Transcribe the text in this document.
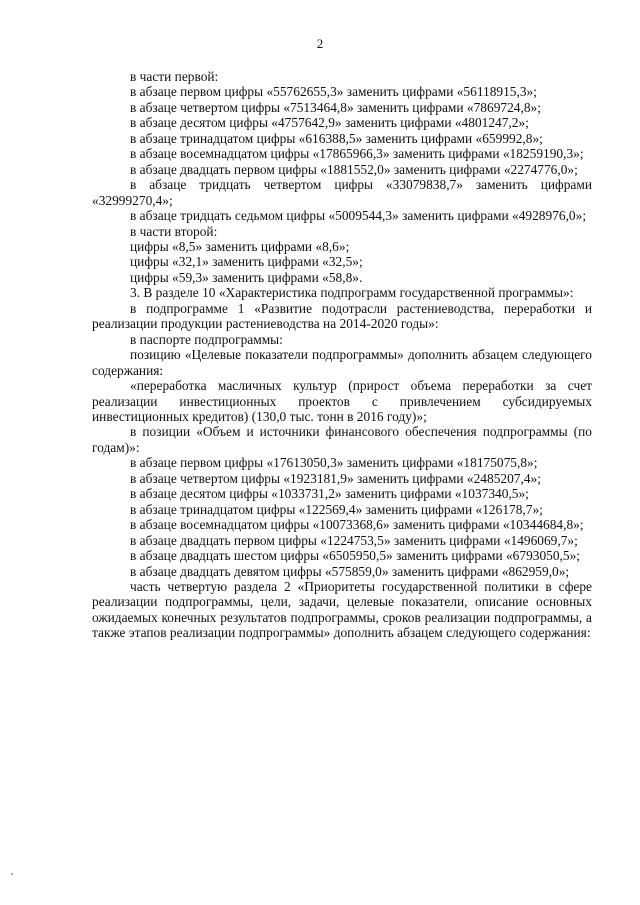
2

в части первой:

в абзаце первом цифры «55762655,3» заменить цифрами «56118915,3»;

в абзаце четвертом цифры «7513464,8» заменить цифрами «7869724,8»;

в абзаце десятом цифры «4757642,9» заменить цифрами «4801247,2»;

в абзаце тринадцатом цифры «616388,5» заменить цифрами «659992,8»;

в абзаце восемнадцатом цифры «17865966,3» заменить цифрами «18259190,3»;

в абзаце двадцать первом цифры «1881552,0» заменить цифрами «2274776,0»;

в абзаце тридцать четвертом цифры «33079838,7» заменить цифрами «32999270,4»;

в абзаце тридцать седьмом цифры «5009544,3» заменить цифрами «4928976,0»;

в части второй:

цифры «8,5» заменить цифрами «8,6»;

цифры «32,1» заменить цифрами «32,5»;

цифры «59,3» заменить цифрами «58,8».

3. В разделе 10 «Характеристика подпрограмм государственной программы»:

в подпрограмме 1 «Развитие подотрасли растениеводства, переработки и реализации продукции растениеводства на 2014-2020 годы»:

в паспорте подпрограммы:

позицию «Целевые показатели подпрограммы» дополнить абзацем следующего содержания:

«переработка масличных культур (прирост объема переработки за счет реализации инвестиционных проектов с привлечением субсидируемых инвестиционных кредитов) (130,0 тыс. тонн в 2016 году)»;

в позиции «Объем и источники финансового обеспечения подпрограммы (по годам)»:

в абзаце первом цифры «17613050,3» заменить цифрами «18175075,8»;

в абзаце четвертом цифры «1923181,9» заменить цифрами «2485207,4»;

в абзаце десятом цифры «1033731,2» заменить цифрами «1037340,5»;

в абзаце тринадцатом цифры «122569,4» заменить цифрами «126178,7»;

в абзаце восемнадцатом цифры «10073368,6» заменить цифрами «10344684,8»;

в абзаце двадцать первом цифры «1224753,5» заменить цифрами «1496069,7»;

в абзаце двадцать шестом цифры «6505950,5» заменить цифрами «6793050,5»;

в абзаце двадцать девятом цифры «575859,0» заменить цифрами «862959,0»;

часть четвертую раздела 2 «Приоритеты государственной политики в сфере реализации подпрограммы, цели, задачи, целевые показатели, описание основных ожидаемых конечных результатов подпрограммы, сроков реализации подпрограммы, а также этапов реализации подпрограммы» дополнить абзацем следующего содержания:
